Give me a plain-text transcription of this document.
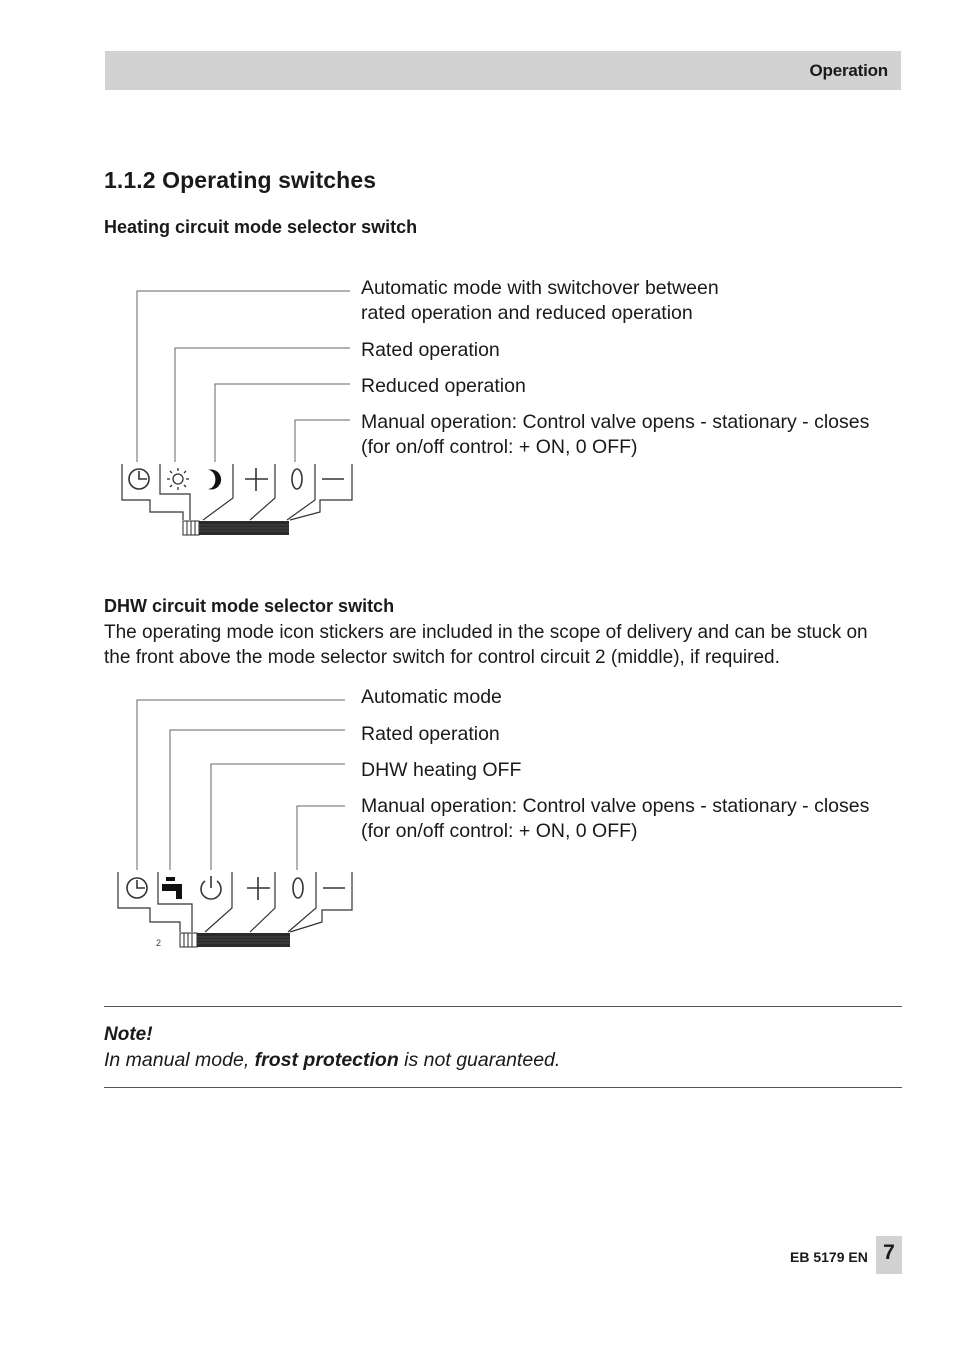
Operation
1.1.2 Operating switches
Heating circuit mode selector switch
Automatic mode with switchover between
rated operation and reduced operation
Rated operation
Reduced operation
Manual operation: Control valve opens - stationary - closes
(for on/off control: + ON, 0 OFF)
DHW circuit mode selector switch
The operating mode icon stickers are included in the scope of delivery and can be stuck on
the front above the mode selector switch for control circuit 2 (middle), if required.
Automatic mode
Rated operation
DHW heating OFF
Manual operation: Control valve opens - stationary - closes
(for on/off control: + ON, 0 OFF)
2
Note!
In manual mode, frost protection is not guaranteed.
EB 5179 EN 7
